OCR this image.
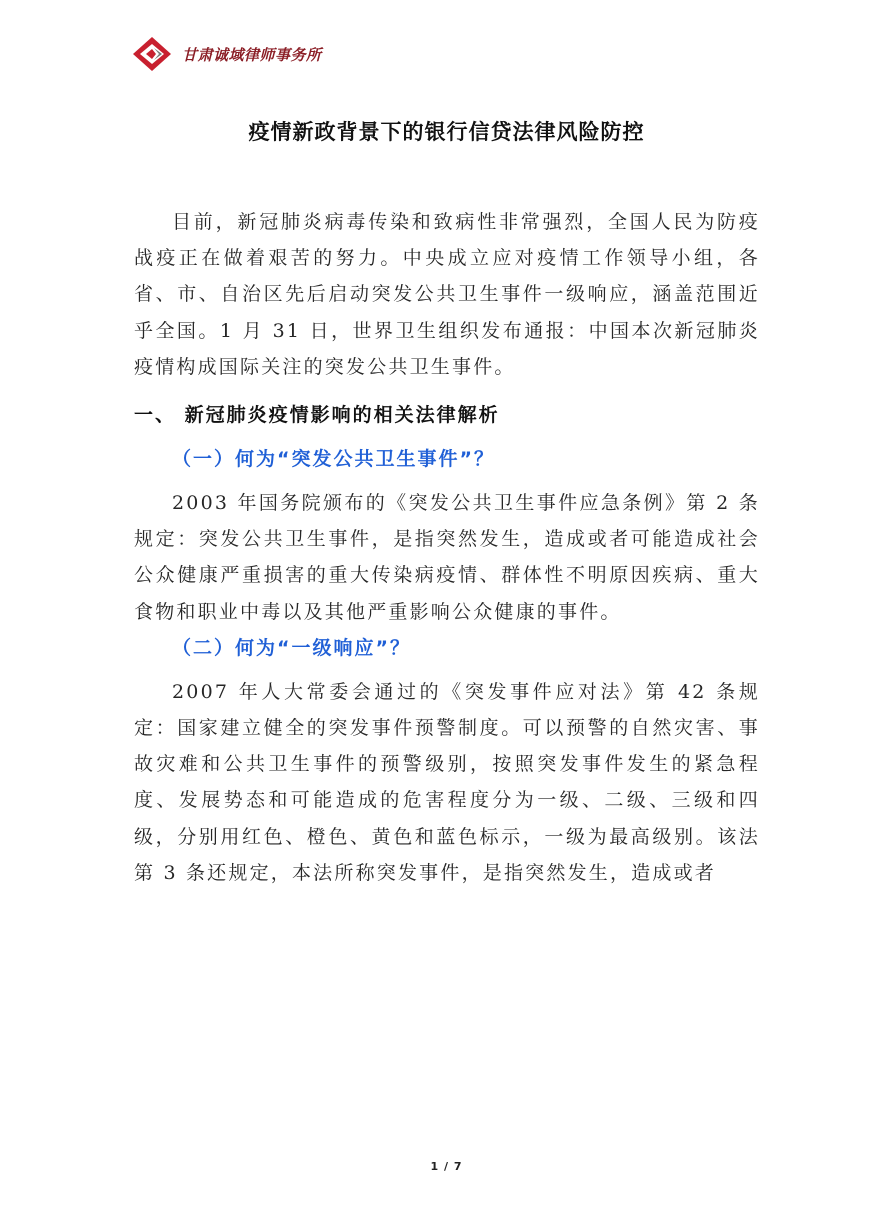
甘肃诚域律师事务所
疫情新政背景下的银行信贷法律风险防控

目前，新冠肺炎病毒传染和致病性非常强烈，全国人民为防疫战疫正在做着艰苦的努力。中央成立应对疫情工作领导小组，各省、市、自治区先后启动突发公共卫生事件一级响应，涵盖范围近乎全国。1 月 31 日，世界卫生组织发布通报：中国本次新冠肺炎疫情构成国际关注的突发公共卫生事件。

一、 新冠肺炎疫情影响的相关法律解析
（一）何为“突发公共卫生事件”？

2003 年国务院颁布的《突发公共卫生事件应急条例》第 2 条规定：突发公共卫生事件，是指突然发生，造成或者可能造成社会公众健康严重损害的重大传染病疫情、群体性不明原因疾病、重大食物和职业中毒以及其他严重影响公众健康的事件。

（二）何为“一级响应”？

2007 年人大常委会通过的《突发事件应对法》第 42 条规定：国家建立健全的突发事件预警制度。可以预警的自然灾害、事故灾难和公共卫生事件的预警级别，按照突发事件发生的紧急程度、发展势态和可能造成的危害程度分为一级、二级、三级和四级，分别用红色、橙色、黄色和蓝色标示，一级为最高级别。该法第 3 条还规定，本法所称突发事件，是指突然发生，造成或者

1 / 7
